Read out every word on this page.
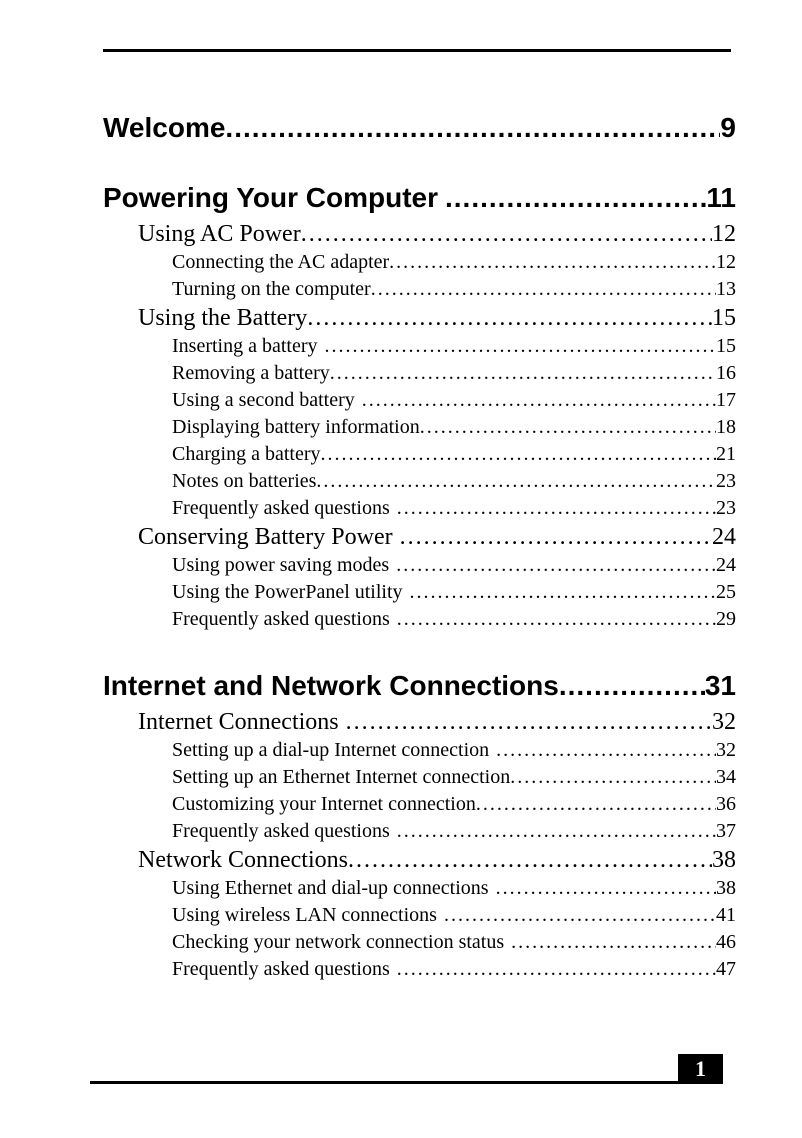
Welcome .....	9
Powering Your Computer .....	11
Using AC Power .....	12
Connecting the AC adapter .....	12
Turning on the computer .....	13
Using the Battery .....	15
Inserting a battery .....	15
Removing a battery .....	16
Using a second battery .....	17
Displaying battery information .....	18
Charging a battery .....	21
Notes on batteries .....	23
Frequently asked questions .....	23
Conserving Battery Power .....	24
Using power saving modes .....	24
Using the PowerPanel utility .....	25
Frequently asked questions .....	29
Internet and Network Connections .....	31
Internet Connections .....	32
Setting up a dial-up Internet connection .....	32
Setting up an Ethernet Internet connection .....	34
Customizing your Internet connection .....	36
Frequently asked questions .....	37
Network Connections .....	38
Using Ethernet and dial-up connections .....	38
Using wireless LAN connections .....	41
Checking your network connection status .....	46
Frequently asked questions .....	47
1
